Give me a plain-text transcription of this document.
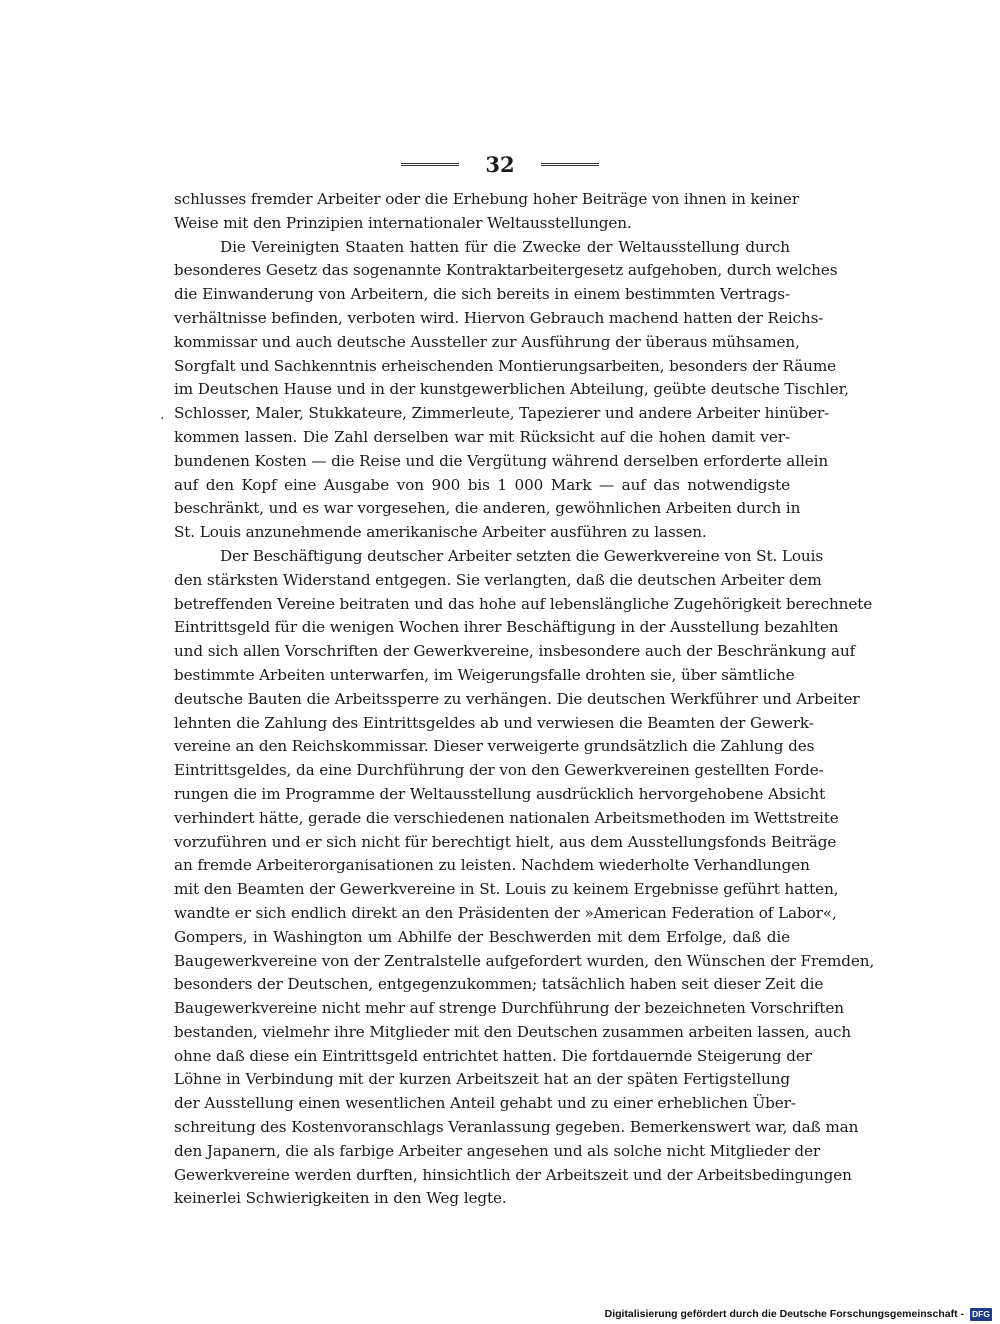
32
.
schlusses fremder Arbeiter oder die Erhebung hoher Beiträge von ihnen in keiner
Weise mit den Prinzipien internationaler Weltausstellungen.
Die Vereinigten Staaten hatten für die Zwecke der Weltausstellung durch
besonderes Gesetz das sogenannte Kontraktarbeitergesetz aufgehoben, durch welches
die Einwanderung von Arbeitern, die sich bereits in einem bestimmten Vertrags-
verhältnisse befinden, verboten wird. Hiervon Gebrauch machend hatten der Reichs-
kommissar und auch deutsche Aussteller zur Ausführung der überaus mühsamen,
Sorgfalt und Sachkenntnis erheischenden Montierungsarbeiten, besonders der Räume
im Deutschen Hause und in der kunstgewerblichen Abteilung, geübte deutsche Tischler,
Schlosser, Maler, Stukkateure, Zimmerleute, Tapezierer und andere Arbeiter hinüber-
kommen lassen. Die Zahl derselben war mit Rücksicht auf die hohen damit ver-
bundenen Kosten — die Reise und die Vergütung während derselben erforderte allein
auf den Kopf eine Ausgabe von 900 bis 1 000 Mark — auf das notwendigste
beschränkt, und es war vorgesehen, die anderen, gewöhnlichen Arbeiten durch in
St. Louis anzunehmende amerikanische Arbeiter ausführen zu lassen.
Der Beschäftigung deutscher Arbeiter setzten die Gewerkvereine von St. Louis
den stärksten Widerstand entgegen. Sie verlangten, daß die deutschen Arbeiter dem
betreffenden Vereine beitraten und das hohe auf lebenslängliche Zugehörigkeit berechnete
Eintrittsgeld für die wenigen Wochen ihrer Beschäftigung in der Ausstellung bezahlten
und sich allen Vorschriften der Gewerkvereine, insbesondere auch der Beschränkung auf
bestimmte Arbeiten unterwarfen, im Weigerungsfalle drohten sie, über sämtliche
deutsche Bauten die Arbeitssperre zu verhängen. Die deutschen Werkführer und Arbeiter
lehnten die Zahlung des Eintrittsgeldes ab und verwiesen die Beamten der Gewerk-
vereine an den Reichskommissar. Dieser verweigerte grundsätzlich die Zahlung des
Eintrittsgeldes, da eine Durchführung der von den Gewerkvereinen gestellten Forde-
rungen die im Programme der Weltausstellung ausdrücklich hervorgehobene Absicht
verhindert hätte, gerade die verschiedenen nationalen Arbeitsmethoden im Wettstreite
vorzuführen und er sich nicht für berechtigt hielt, aus dem Ausstellungsfonds Beiträge
an fremde Arbeiterorganisationen zu leisten. Nachdem wiederholte Verhandlungen
mit den Beamten der Gewerkvereine in St. Louis zu keinem Ergebnisse geführt hatten,
wandte er sich endlich direkt an den Präsidenten der »American Federation of Labor«,
Gompers, in Washington um Abhilfe der Beschwerden mit dem Erfolge, daß die
Baugewerkvereine von der Zentralstelle aufgefordert wurden, den Wünschen der Fremden,
besonders der Deutschen, entgegenzukommen; tatsächlich haben seit dieser Zeit die
Baugewerkvereine nicht mehr auf strenge Durchführung der bezeichneten Vorschriften
bestanden, vielmehr ihre Mitglieder mit den Deutschen zusammen arbeiten lassen, auch
ohne daß diese ein Eintrittsgeld entrichtet hatten. Die fortdauernde Steigerung der
Löhne in Verbindung mit der kurzen Arbeitszeit hat an der späten Fertigstellung
der Ausstellung einen wesentlichen Anteil gehabt und zu einer erheblichen Über-
schreitung des Kostenvoranschlags Veranlassung gegeben. Bemerkenswert war, daß man
den Japanern, die als farbige Arbeiter angesehen und als solche nicht Mitglieder der
Gewerkvereine werden durften, hinsichtlich der Arbeitszeit und der Arbeitsbedingungen
keinerlei Schwierigkeiten in den Weg legte.
Digitalisierung gefördert durch die Deutsche Forschungsgemeinschaft - DFG
